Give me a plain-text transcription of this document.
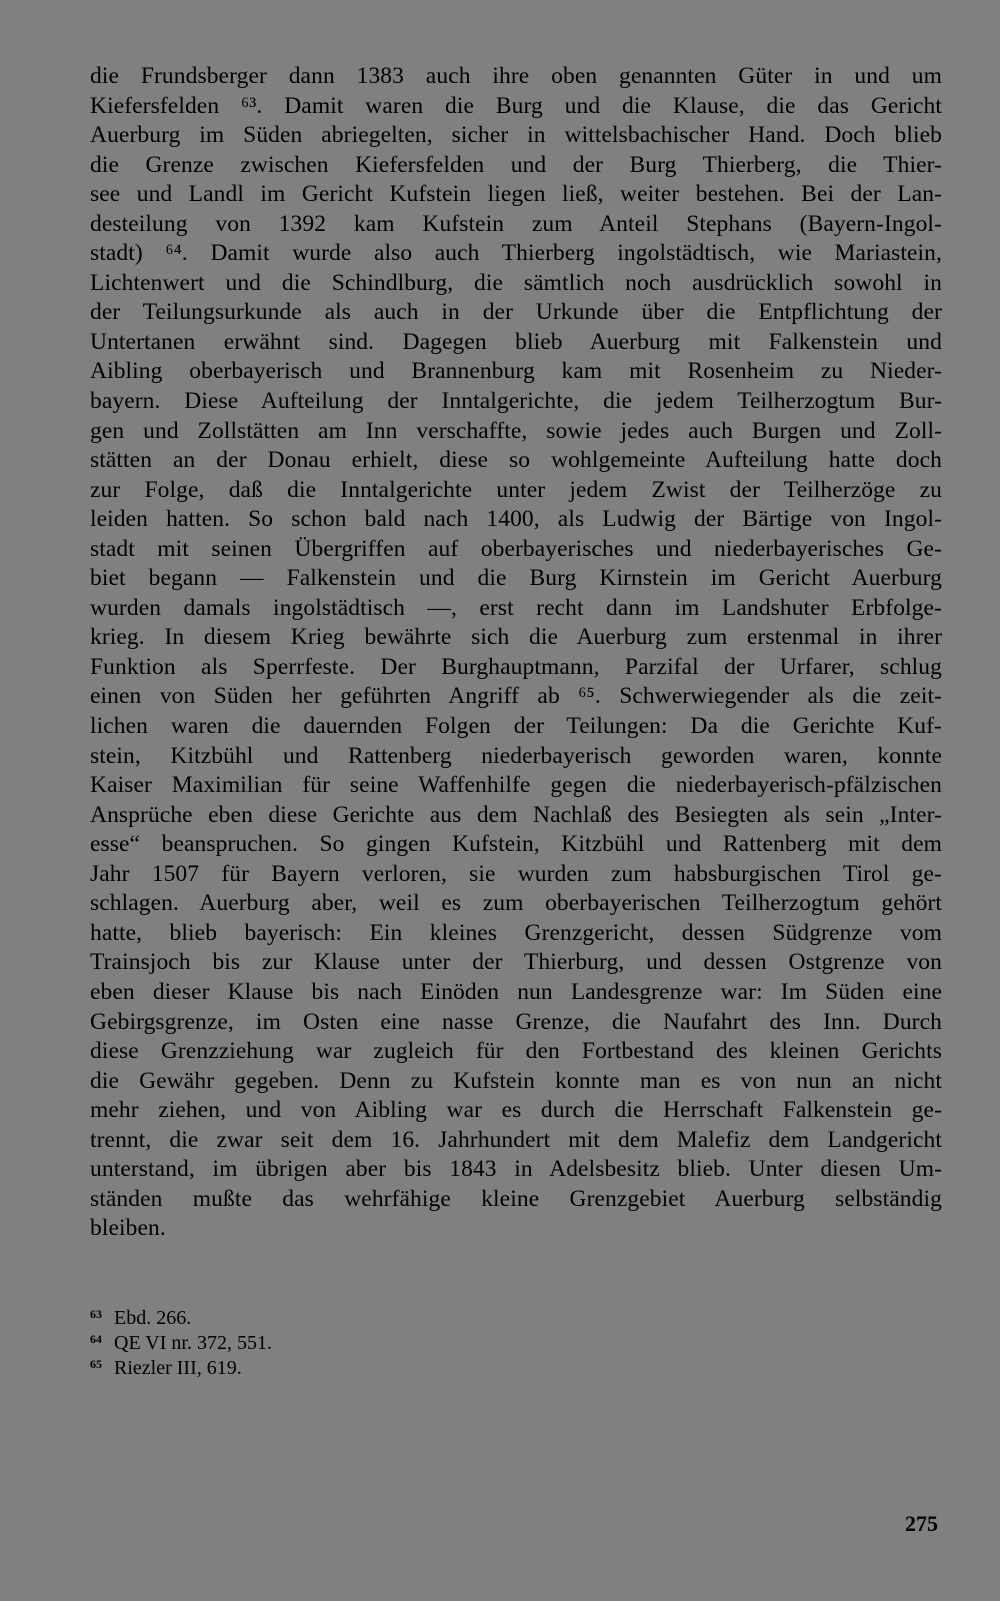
die Frundsberger dann 1383 auch ihre oben genannten Güter in und um
Kiefersfelden ⁶³. Damit waren die Burg und die Klause, die das Gericht
Auerburg im Süden abriegelten, sicher in wittelsbachischer Hand. Doch blieb
die Grenze zwischen Kiefersfelden und der Burg Thierberg, die Thier-
see und Landl im Gericht Kufstein liegen ließ, weiter bestehen. Bei der Lan-
desteilung von 1392 kam Kufstein zum Anteil Stephans (Bayern-Ingol-
stadt) ⁶⁴. Damit wurde also auch Thierberg ingolstädtisch, wie Mariastein,
Lichtenwert und die Schindlburg, die sämtlich noch ausdrücklich sowohl in
der Teilungsurkunde als auch in der Urkunde über die Entpflichtung der
Untertanen erwähnt sind. Dagegen blieb Auerburg mit Falkenstein und
Aibling oberbayerisch und Brannenburg kam mit Rosenheim zu Nieder-
bayern. Diese Aufteilung der Inntalgerichte, die jedem Teilherzogtum Bur-
gen und Zollstätten am Inn verschaffte, sowie jedes auch Burgen und Zoll-
stätten an der Donau erhielt, diese so wohlgemeinte Aufteilung hatte doch
zur Folge, daß die Inntalgerichte unter jedem Zwist der Teilherzöge zu
leiden hatten. So schon bald nach 1400, als Ludwig der Bärtige von Ingol-
stadt mit seinen Übergriffen auf oberbayerisches und niederbayerisches Ge-
biet begann — Falkenstein und die Burg Kirnstein im Gericht Auerburg
wurden damals ingolstädtisch —, erst recht dann im Landshuter Erbfolge-
krieg. In diesem Krieg bewährte sich die Auerburg zum erstenmal in ihrer
Funktion als Sperrfeste. Der Burghauptmann, Parzifal der Urfarer, schlug
einen von Süden her geführten Angriff ab ⁶⁵. Schwerwiegender als die zeit-
lichen waren die dauernden Folgen der Teilungen: Da die Gerichte Kuf-
stein, Kitzbühl und Rattenberg niederbayerisch geworden waren, konnte
Kaiser Maximilian für seine Waffenhilfe gegen die niederbayerisch-pfälzischen
Ansprüche eben diese Gerichte aus dem Nachlaß des Besiegten als sein „Inter-
esse“ beanspruchen. So gingen Kufstein, Kitzbühl und Rattenberg mit dem
Jahr 1507 für Bayern verloren, sie wurden zum habsburgischen Tirol ge-
schlagen. Auerburg aber, weil es zum oberbayerischen Teilherzogtum gehört
hatte, blieb bayerisch: Ein kleines Grenzgericht, dessen Südgrenze vom
Trainsjoch bis zur Klause unter der Thierburg, und dessen Ostgrenze von
eben dieser Klause bis nach Einöden nun Landesgrenze war: Im Süden eine
Gebirgsgrenze, im Osten eine nasse Grenze, die Naufahrt des Inn. Durch
diese Grenzziehung war zugleich für den Fortbestand des kleinen Gerichts
die Gewähr gegeben. Denn zu Kufstein konnte man es von nun an nicht
mehr ziehen, und von Aibling war es durch die Herrschaft Falkenstein ge-
trennt, die zwar seit dem 16. Jahrhundert mit dem Malefiz dem Landgericht
unterstand, im übrigen aber bis 1843 in Adelsbesitz blieb. Unter diesen Um-
ständen mußte das wehrfähige kleine Grenzgebiet Auerburg selbständig
bleiben.
63 Ebd. 266.
64 QE VI nr. 372, 551.
65 Riezler III, 619.
275
